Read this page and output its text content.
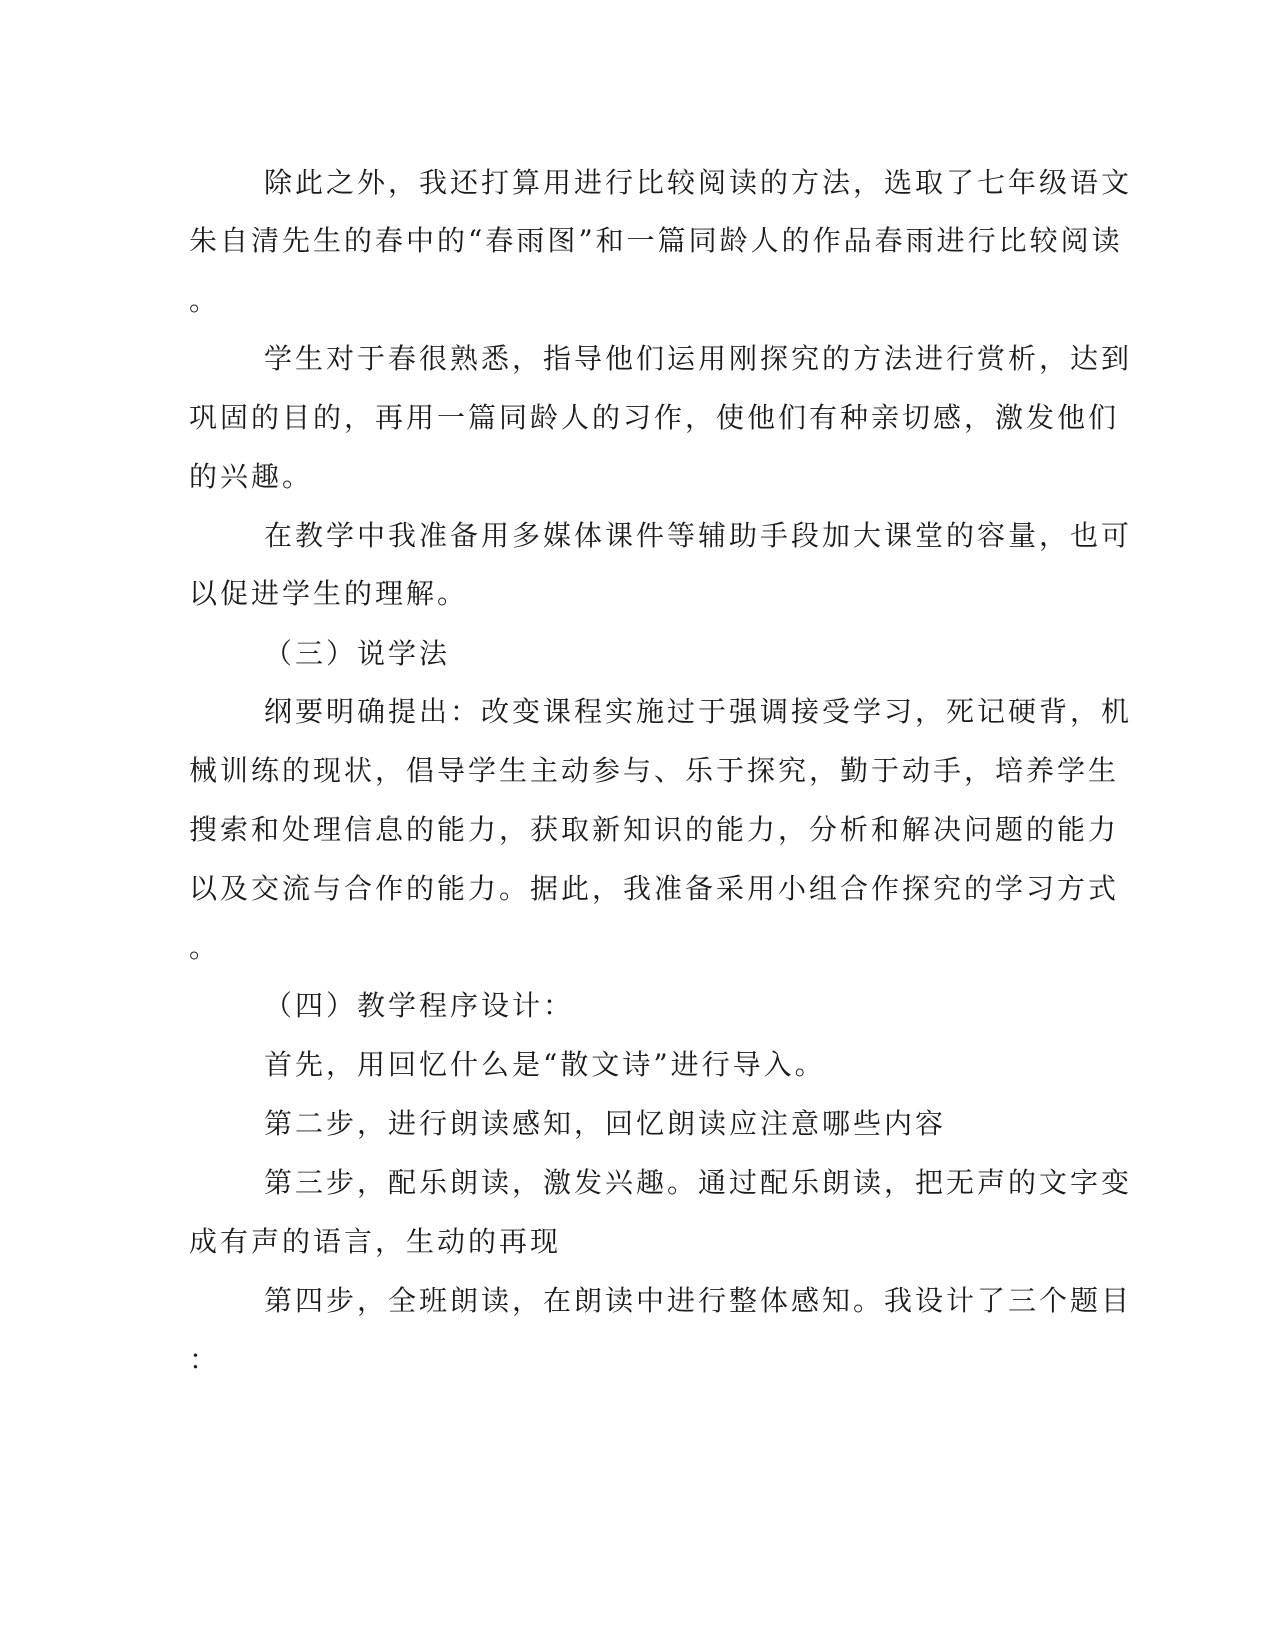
除此之外，我还打算用进行比较阅读的方法，选取了七年级语文
朱自清先生的春中的“春雨图”和一篇同龄人的作品春雨进行比较阅读
。
学生对于春很熟悉，指导他们运用刚探究的方法进行赏析，达到
巩固的目的，再用一篇同龄人的习作，使他们有种亲切感，激发他们
的兴趣。
在教学中我准备用多媒体课件等辅助手段加大课堂的容量，也可
以促进学生的理解。
（三）说学法
纲要明确提出：改变课程实施过于强调接受学习，死记硬背，机
械训练的现状，倡导学生主动参与、乐于探究，勤于动手，培养学生
搜索和处理信息的能力，获取新知识的能力，分析和解决问题的能力
以及交流与合作的能力。据此，我准备采用小组合作探究的学习方式
。
（四）教学程序设计：
首先，用回忆什么是“散文诗”进行导入。
第二步，进行朗读感知，回忆朗读应注意哪些内容
第三步，配乐朗读，激发兴趣。通过配乐朗读，把无声的文字变
成有声的语言，生动的再现
第四步，全班朗读，在朗读中进行整体感知。我设计了三个题目
：
